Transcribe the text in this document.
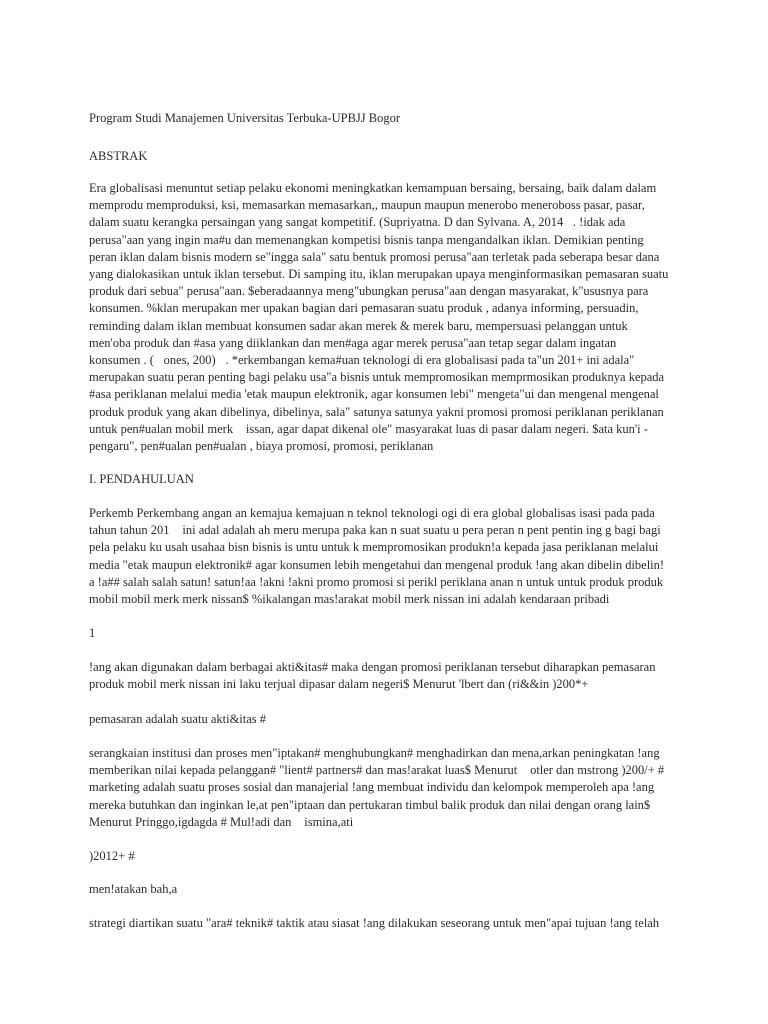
Program Studi Manajemen Universitas Terbuka-UPBJJ Bogor

ABSTRAK

Era globalisasi menuntut setiap pelaku ekonomi meningkatkan kemampuan bersaing, bersaing, baik dalam dalam
memprodu memproduksi, ksi, memasarkan memasarkan,, maupun maupun menerobo meneroboss pasar, pasar,
dalam suatu kerangka persaingan yang sangat kompetitif. (Supriyatna. D dan Sylvana. A, 2014 . !idak ada
perusa"aan yang ingin ma#u dan memenangkan kompetisi bisnis tanpa mengandalkan iklan. Demikian penting
peran iklan dalam bisnis modern se"ingga sala" satu bentuk promosi perusa"aan terletak pada seberapa besar dana
yang dialokasikan untuk iklan tersebut. Di samping itu, iklan merupakan upaya menginformasikan pemasaran suatu
produk dari sebua" perusa"aan. $eberadaannya meng"ubungkan perusa"aan dengan masyarakat, k"ususnya para
konsumen. %klan merupakan mer upakan bagian dari pemasaran suatu produk , adanya informing, persuadin,
reminding dalam iklan membuat konsumen sadar akan merek & merek baru, mempersuasi pelanggan untuk
men'oba produk dan #asa yang diiklankan dan men#aga agar merek perusa"aan tetap segar dalam ingatan
konsumen . ( ones, 200) . *erkembangan kema#uan teknologi di era globalisasi pada ta"un 201+ ini adala"
merupakan suatu peran penting bagi pelaku usa"a bisnis untuk mempromosikan memprmosikan produknya kepada
#asa periklanan melalui media 'etak maupun elektronik, agar konsumen lebi" mengeta"ui dan mengenal mengenal
produk produk yang akan dibelinya, dibelinya, sala" satunya satunya yakni promosi promosi periklanan periklanan
untuk pen#ualan mobil merk  issan, agar dapat dikenal ole" masyarakat luas di pasar dalam negeri. $ata kun'i -
pengaru", pen#ualan pen#ualan , biaya promosi, promosi, periklanan

I. PENDAHULUAN

Perkemb Perkembang angan an kemajua kemajuan n teknol teknologi ogi di era global globalisas isasi pada pada
tahun tahun 201  ini adal adalah ah meru merupa paka kan n suat suatu u pera peran n pent pentin ing g bagi bagi
pela pelaku ku usah usahaa bisn bisnis is untu untuk k mempromosikan produkn!a kepada jasa periklanan melalui
media "etak maupun elektronik# agar konsumen lebih mengetahui dan mengenal produk !ang akan dibelin dibelin!
a !a## salah salah satun! satun!aa !akni !akni promo promosi si perikl periklana anan n untuk untuk produk produk
mobil mobil merk merk nissan$ %ikalangan mas!arakat mobil merk nissan ini adalah kendaraan pribadi

1

!ang akan digunakan dalam berbagai akti&itas# maka dengan promosi periklanan tersebut diharapkan pemasaran
produk mobil merk nissan ini laku terjual dipasar dalam negeri$ Menurut 'lbert dan (ri&&in )200*+

pemasaran adalah suatu akti&itas #

serangkaian institusi dan proses men"iptakan# menghubungkan# menghadirkan dan mena,arkan peningkatan !ang
memberikan nilai kepada pelanggan# "lient# partners# dan mas!arakat luas$ Menurut  otler dan mstrong )200/+ #
marketing adalah suatu proses sosial dan manajerial !ang membuat individu dan kelompok memperoleh apa !ang
mereka butuhkan dan inginkan le,at pen"iptaan dan pertukaran timbul balik produk dan nilai dengan orang lain$
Menurut Pringgo,igdagda # Mul!adi dan  ismina,ati

)2012+ #

men!atakan bah,a

strategi diartikan suatu "ara# teknik# taktik atau siasat !ang dilakukan seseorang untuk men"apai tujuan !ang telah
